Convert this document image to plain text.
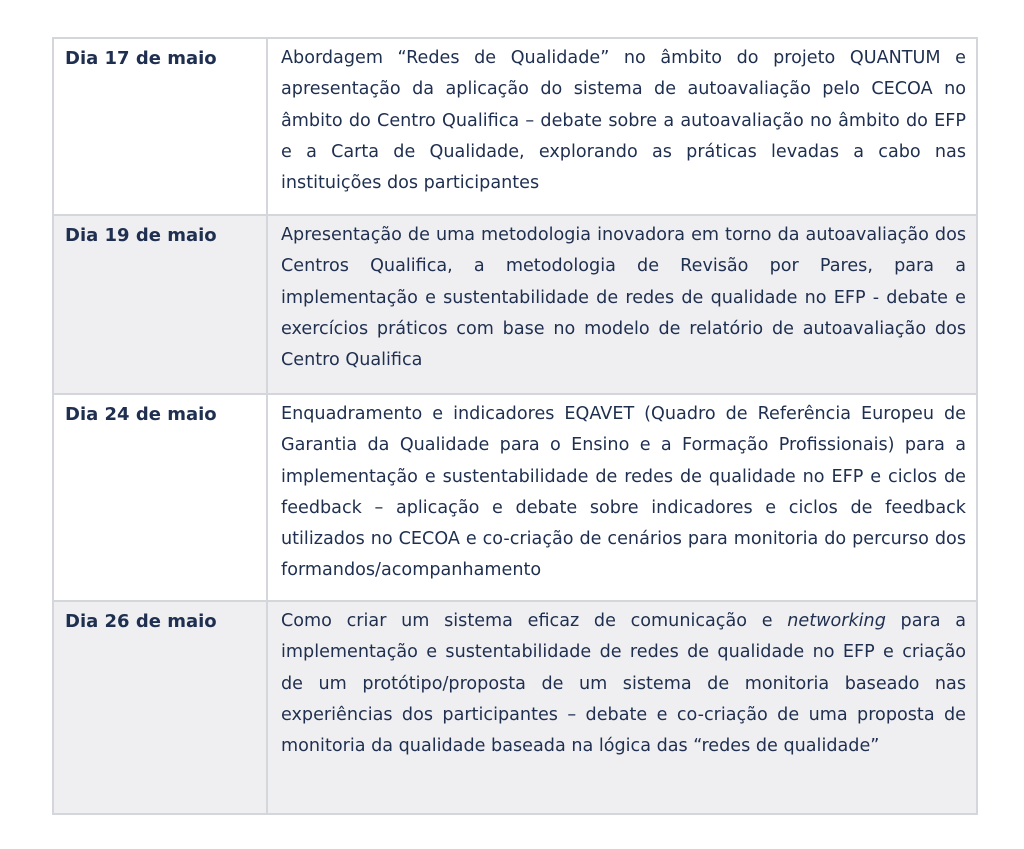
Dia 17 de maio	Abordagem “Redes de Qualidade” no âmbito do projeto QUANTUM e apresentação da aplicação do sistema de autoavaliação pelo CECOA no âmbito do Centro Qualifica – debate sobre a autoavaliação no âmbito do EFP e a Carta de Qualidade, explorando as práticas levadas a cabo nas instituições dos participantes

Dia 19 de maio	Apresentação de uma metodologia inovadora em torno da autoavaliação dos Centros Qualifica, a metodologia de Revisão por Pares, para a implementação e sustentabilidade de redes de qualidade no EFP - debate e exercícios práticos com base no modelo de relatório de autoavaliação dos Centro Qualifica

Dia 24 de maio	Enquadramento e indicadores EQAVET (Quadro de Referência Europeu de Garantia da Qualidade para o Ensino e a Formação Profissionais) para a implementação e sustentabilidade de redes de qualidade no EFP e ciclos de feedback – aplicação e debate sobre indicadores e ciclos de feedback utilizados no CECOA e co-criação de cenários para monitoria do percurso dos formandos/acompanhamento

Dia 26 de maio	Como criar um sistema eficaz de comunicação e networking para a implementação e sustentabilidade de redes de qualidade no EFP e criação de um protótipo/proposta de um sistema de monitoria baseado nas experiências dos participantes – debate e co-criação de uma proposta de monitoria da qualidade baseada na lógica das “redes de qualidade”
